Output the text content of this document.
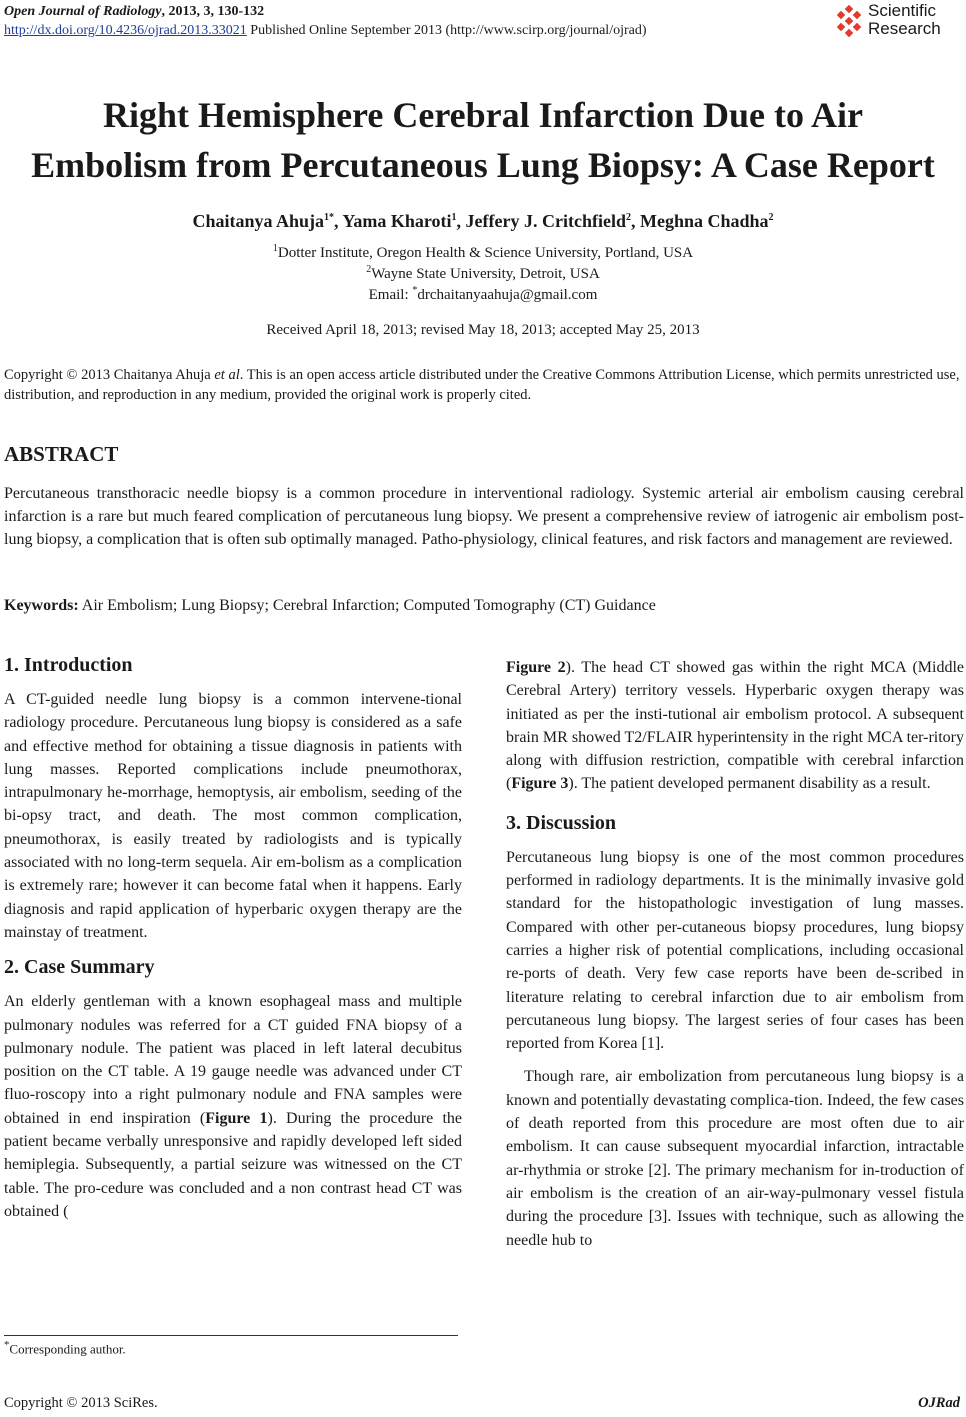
Open Journal of Radiology, 2013, 3, 130-132
http://dx.doi.org/10.4236/ojrad.2013.33021 Published Online September 2013 (http://www.scirp.org/journal/ojrad)
Scientific
Research
Right Hemisphere Cerebral Infarction Due to Air
Embolism from Percutaneous Lung Biopsy: A Case Report
Chaitanya Ahuja$^{1*}$, Yama Kharoti$^1$, Jeffery J. Critchfield$^2$, Meghna Chadha$^2$
$^1$Dotter Institute, Oregon Health & Science University, Portland, USA
$^2$Wayne State University, Detroit, USA
Email: *drchaitanyaahuja@gmail.com
Received April 18, 2013; revised May 18, 2013; accepted May 25, 2013
Copyright © 2013 Chaitanya Ahuja et al. This is an open access article distributed under the Creative Commons Attribution License, which permits unrestricted use, distribution, and reproduction in any medium, provided the original work is properly cited.
ABSTRACT

Percutaneous transthoracic needle biopsy is a common procedure in interventional radiology. Systemic arterial air embolism causing cerebral infarction is a rare but much feared complication of percutaneous lung biopsy. We present a comprehensive review of iatrogenic air embolism post-lung biopsy, a complication that is often sub optimally managed. Patho-physiology, clinical features, and risk factors and management are reviewed.

Keywords: Air Embolism; Lung Biopsy; Cerebral Infarction; Computed Tomography (CT) Guidance
1. Introduction

A CT-guided needle lung biopsy is a common intervene-tional radiology procedure. Percutaneous lung biopsy is considered as a safe and effective method for obtaining a tissue diagnosis in patients with lung masses. Reported complications include pneumothorax, intrapulmonary he-morrhage, hemoptysis, air embolism, seeding of the bi-opsy tract, and death. The most common complication, pneumothorax, is easily treated by radiologists and is typically associated with no long-term sequela. Air em-bolism as a complication is extremely rare; however it can become fatal when it happens. Early diagnosis and rapid application of hyperbaric oxygen therapy are the mainstay of treatment.

2. Case Summary

An elderly gentleman with a known esophageal mass and multiple pulmonary nodules was referred for a CT guided FNA biopsy of a pulmonary nodule. The patient was placed in left lateral decubitus position on the CT table. A 19 gauge needle was advanced under CT fluo-roscopy into a right pulmonary nodule and FNA samples were obtained in end inspiration (Figure 1). During the procedure the patient became verbally unresponsive and rapidly developed left sided hemiplegia. Subsequently, a partial seizure was witnessed on the CT table. The pro-cedure was concluded and a non contrast head CT was obtained (

Figure 2). The head CT showed gas within the right MCA (Middle Cerebral Artery) territory vessels. Hyperbaric oxygen therapy was initiated as per the insti-tutional air embolism protocol. A subsequent brain MR showed T2/FLAIR hyperintensity in the right MCA ter-ritory along with diffusion restriction, compatible with cerebral infarction (Figure 3). The patient developed permanent disability as a result.

3. Discussion

Percutaneous lung biopsy is one of the most common procedures performed in radiology departments. It is the minimally invasive gold standard for the histopathologic investigation of lung masses. Compared with other per-cutaneous biopsy procedures, lung biopsy carries a higher risk of potential complications, including occasional re-ports of death. Very few case reports have been de-scribed in literature relating to cerebral infarction due to air embolism from percutaneous lung biopsy. The largest series of four cases has been reported from Korea [1].

Though rare, air embolization from percutaneous lung biopsy is a known and potentially devastating complica-tion. Indeed, the few cases of death reported from this procedure are most often due to air embolism. It can cause subsequent myocardial infarction, intractable ar-rhythmia or stroke [2]. The primary mechanism for in-troduction of air embolism is the creation of an air-way-pulmonary vessel fistula during the procedure [3]. Issues with technique, such as allowing the needle hub to

*Corresponding author.
Copyright © 2013 SciRes.	OJRad
